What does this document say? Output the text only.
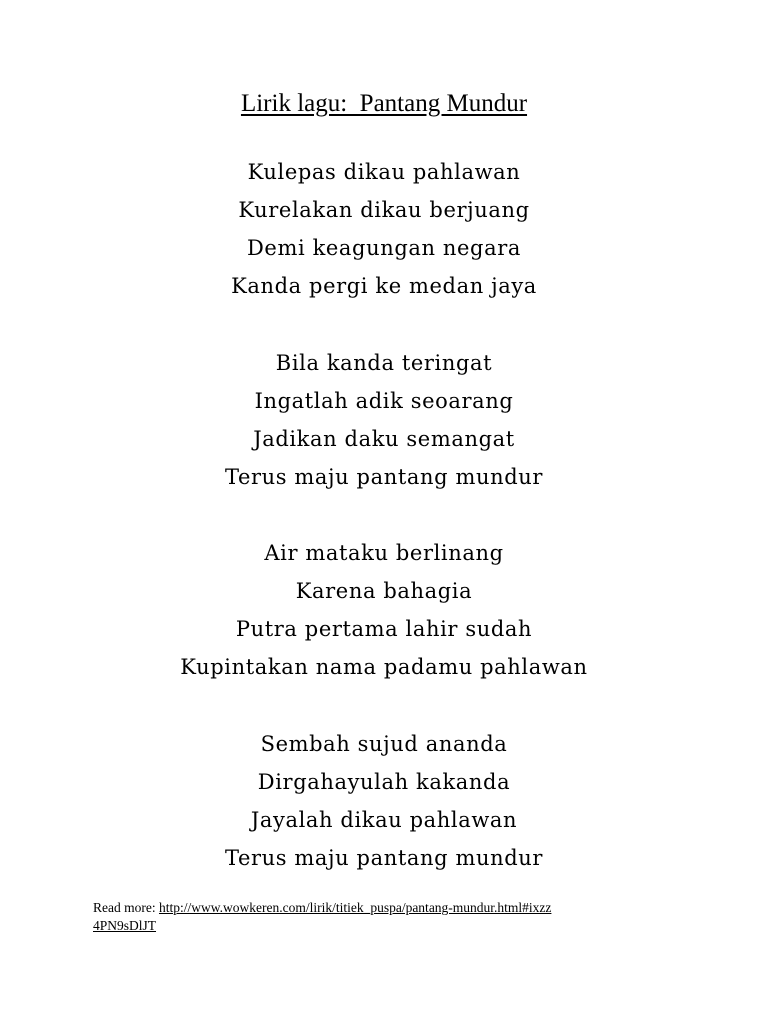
Lirik lagu:  Pantang Mundur
Kulepas dikau pahlawan
Kurelakan dikau berjuang
Demi keagungan negara
Kanda pergi ke medan jaya
Bila kanda teringat
Ingatlah adik seoarang
Jadikan daku semangat
Terus maju pantang mundur
Air mataku berlinang
Karena bahagia
Putra pertama lahir sudah
Kupintakan nama padamu pahlawan
Sembah sujud ananda
Dirgahayulah kakanda
Jayalah dikau pahlawan
Terus maju pantang mundur
Read more: http://www.wowkeren.com/lirik/titiek_puspa/pantang-mundur.html#ixzz4PN9sDlJT
